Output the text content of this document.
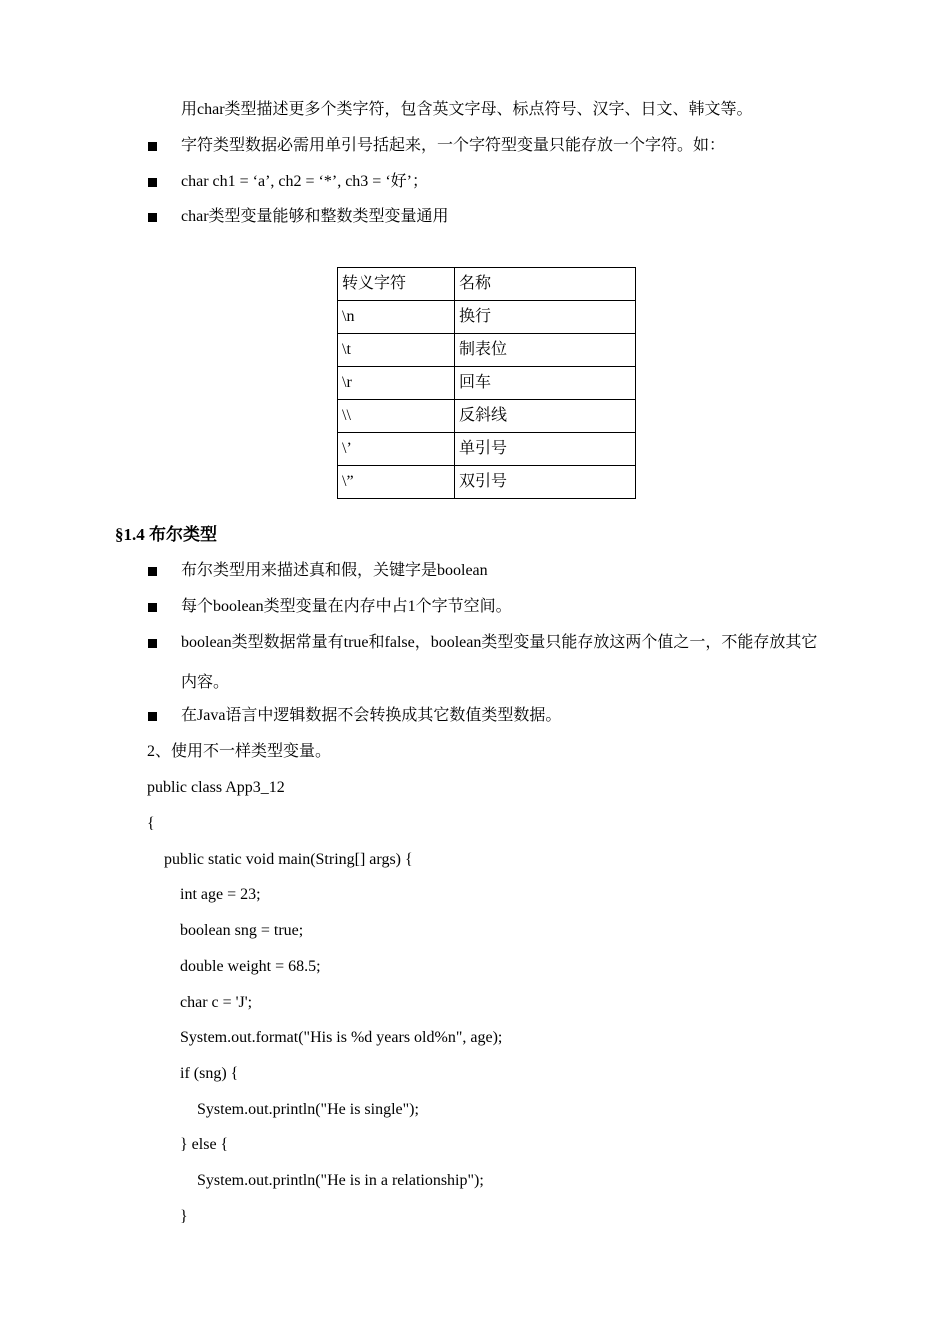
用char类型描述更多个类字符，包含英文字母、标点符号、汉字、日文、韩文等。
字符类型数据必需用单引号括起来，一个字符型变量只能存放一个字符。如：
char ch1 = ‘a’, ch2 = ‘*’, ch3 = ‘好’；
char类型变量能够和整数类型变量通用
转义字符	名称
\n	换行
\t	制表位
\r	回车
\\	反斜线
\’	单引号
\”	双引号
§1.4 布尔类型
布尔类型用来描述真和假，关键字是boolean
每个boolean类型变量在内存中占1个字节空间。
boolean类型数据常量有true和false，boolean类型变量只能存放这两个值之一，不能存放其它
内容。
在Java语言中逻辑数据不会转换成其它数值类型数据。
2、使用不一样类型变量。
public class App3_12
{
public static void main(String[] args) {
int age = 23;
boolean sng = true;
double weight = 68.5;
char c = 'J';
System.out.format("His is %d years old%n", age);
if (sng) {
System.out.println("He is single");
} else {
System.out.println("He is in a relationship");
}
